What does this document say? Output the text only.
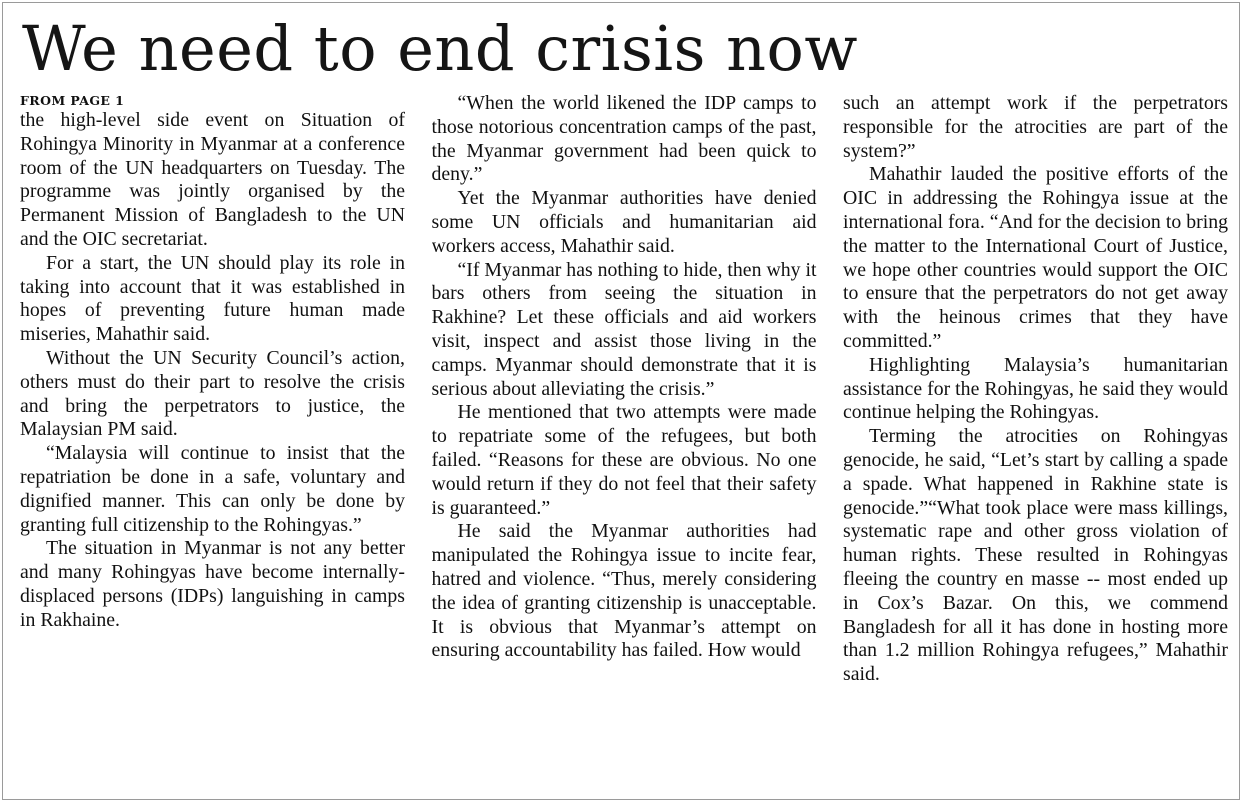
We need to end crisis now
FROM PAGE 1

the high-level side event on Situation of Rohingya Minority in Myanmar at a conference room of the UN headquarters on Tuesday. The programme was jointly organised by the Permanent Mission of Bangladesh to the UN and the OIC secretariat.

For a start, the UN should play its role in taking into account that it was established in hopes of preventing future human made miseries, Mahathir said.

Without the UN Security Council’s action, others must do their part to resolve the crisis and bring the perpetrators to justice, the Malaysian PM said.

“Malaysia will continue to insist that the repatriation be done in a safe, voluntary and dignified manner. This can only be done by granting full citizenship to the Rohingyas.”

The situation in Myanmar is not any better and many Rohingyas have become internally-displaced persons (IDPs) languishing in camps in Rakhaine.

“When the world likened the IDP camps to those notorious concentration camps of the past, the Myanmar government had been quick to deny.”

Yet the Myanmar authorities have denied some UN officials and humanitarian aid workers access, Mahathir said.

“If Myanmar has nothing to hide, then why it bars others from seeing the situation in Rakhine? Let these officials and aid workers visit, inspect and assist those living in the camps. Myanmar should demonstrate that it is serious about alleviating the crisis.”

He mentioned that two attempts were made to repatriate some of the refugees, but both failed. “Reasons for these are obvious. No one would return if they do not feel that their safety is guaranteed.”

He said the Myanmar authorities had manipulated the Rohingya issue to incite fear, hatred and violence. “Thus, merely considering the idea of granting citizenship is unacceptable. It is obvious that Myanmar’s attempt on ensuring accountability has failed. How would

such an attempt work if the perpetrators responsible for the atrocities are part of the system?”

Mahathir lauded the positive efforts of the OIC in addressing the Rohingya issue at the international fora. “And for the decision to bring the matter to the International Court of Justice, we hope other countries would support the OIC to ensure that the perpetrators do not get away with the heinous crimes that they have committed.”

Highlighting Malaysia’s humanitarian assistance for the Rohingyas, he said they would continue helping the Rohingyas.

Terming the atrocities on Rohingyas genocide, he said, “Let’s start by calling a spade a spade. What happened in Rakhine state is genocide.”“What took place were mass killings, systematic rape and other gross violation of human rights. These resulted in Rohingyas fleeing the country en masse -- most ended up in Cox’s Bazar. On this, we commend Bangladesh for all it has done in hosting more than 1.2 million Rohingya refugees,” Mahathir said.
